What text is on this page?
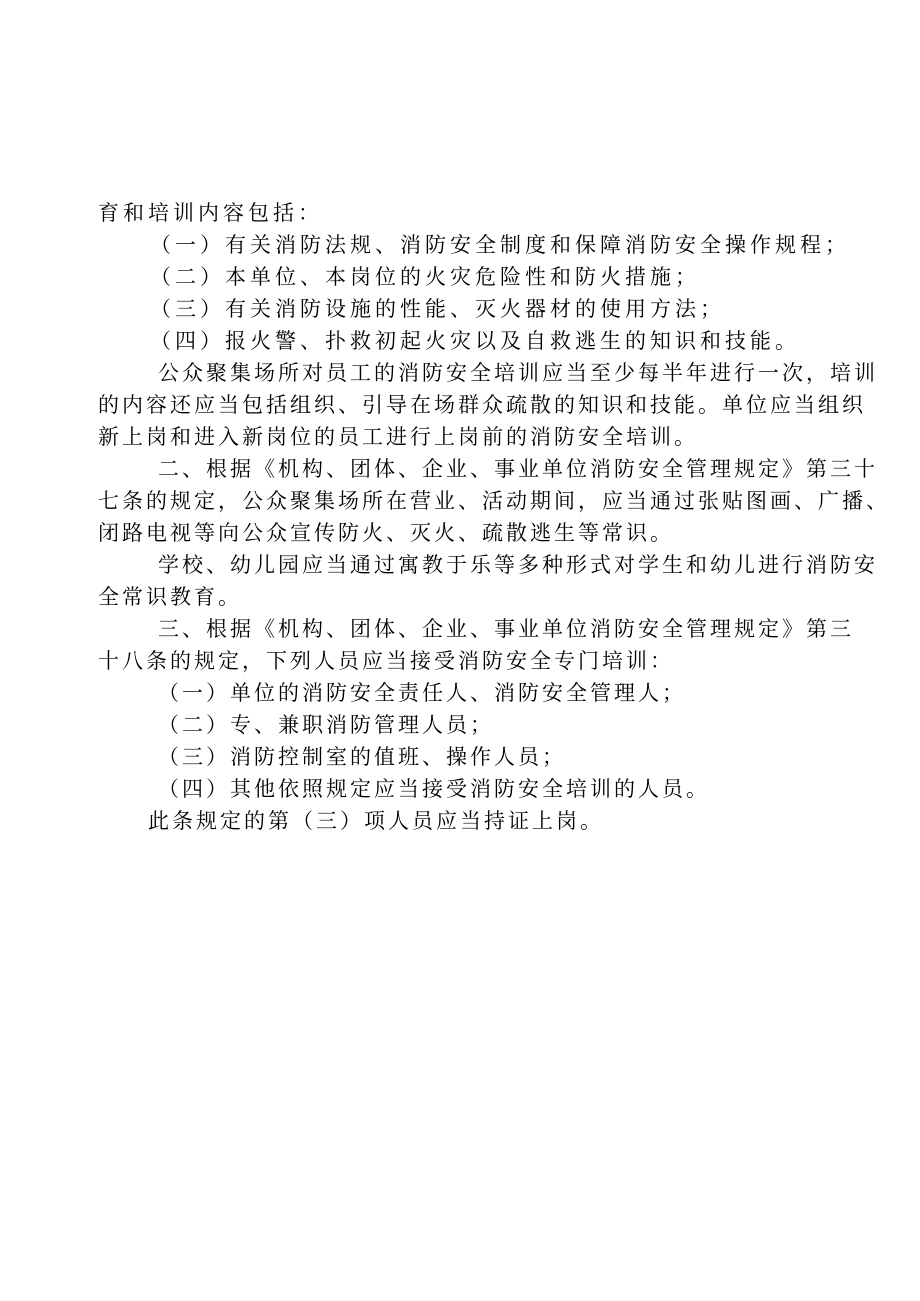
育和培训内容包括：
（一）有关消防法规、消防安全制度和保障消防安全操作规程；
（二）本单位、本岗位的火灾危险性和防火措施；
（三）有关消防设施的性能、灭火器材的使用方法；
（四）报火警、扑救初起火灾以及自救逃生的知识和技能。
公众聚集场所对员工的消防安全培训应当至少每半年进行一次，培训
的内容还应当包括组织、引导在场群众疏散的知识和技能。单位应当组织
新上岗和进入新岗位的员工进行上岗前的消防安全培训。
二、根据《机构、团体、企业、事业单位消防安全管理规定》第三十
七条的规定，公众聚集场所在营业、活动期间，应当通过张贴图画、广播、
闭路电视等向公众宣传防火、灭火、疏散逃生等常识。
学校、幼儿园应当通过寓教于乐等多种形式对学生和幼儿进行消防安
全常识教育。
三、根据《机构、团体、企业、事业单位消防安全管理规定》第三
十八条的规定，下列人员应当接受消防安全专门培训：
（一）单位的消防安全责任人、消防安全管理人；
（二）专、兼职消防管理人员；
（三）消防控制室的值班、操作人员；
（四）其他依照规定应当接受消防安全培训的人员。
此条规定的第（三）项人员应当持证上岗。
